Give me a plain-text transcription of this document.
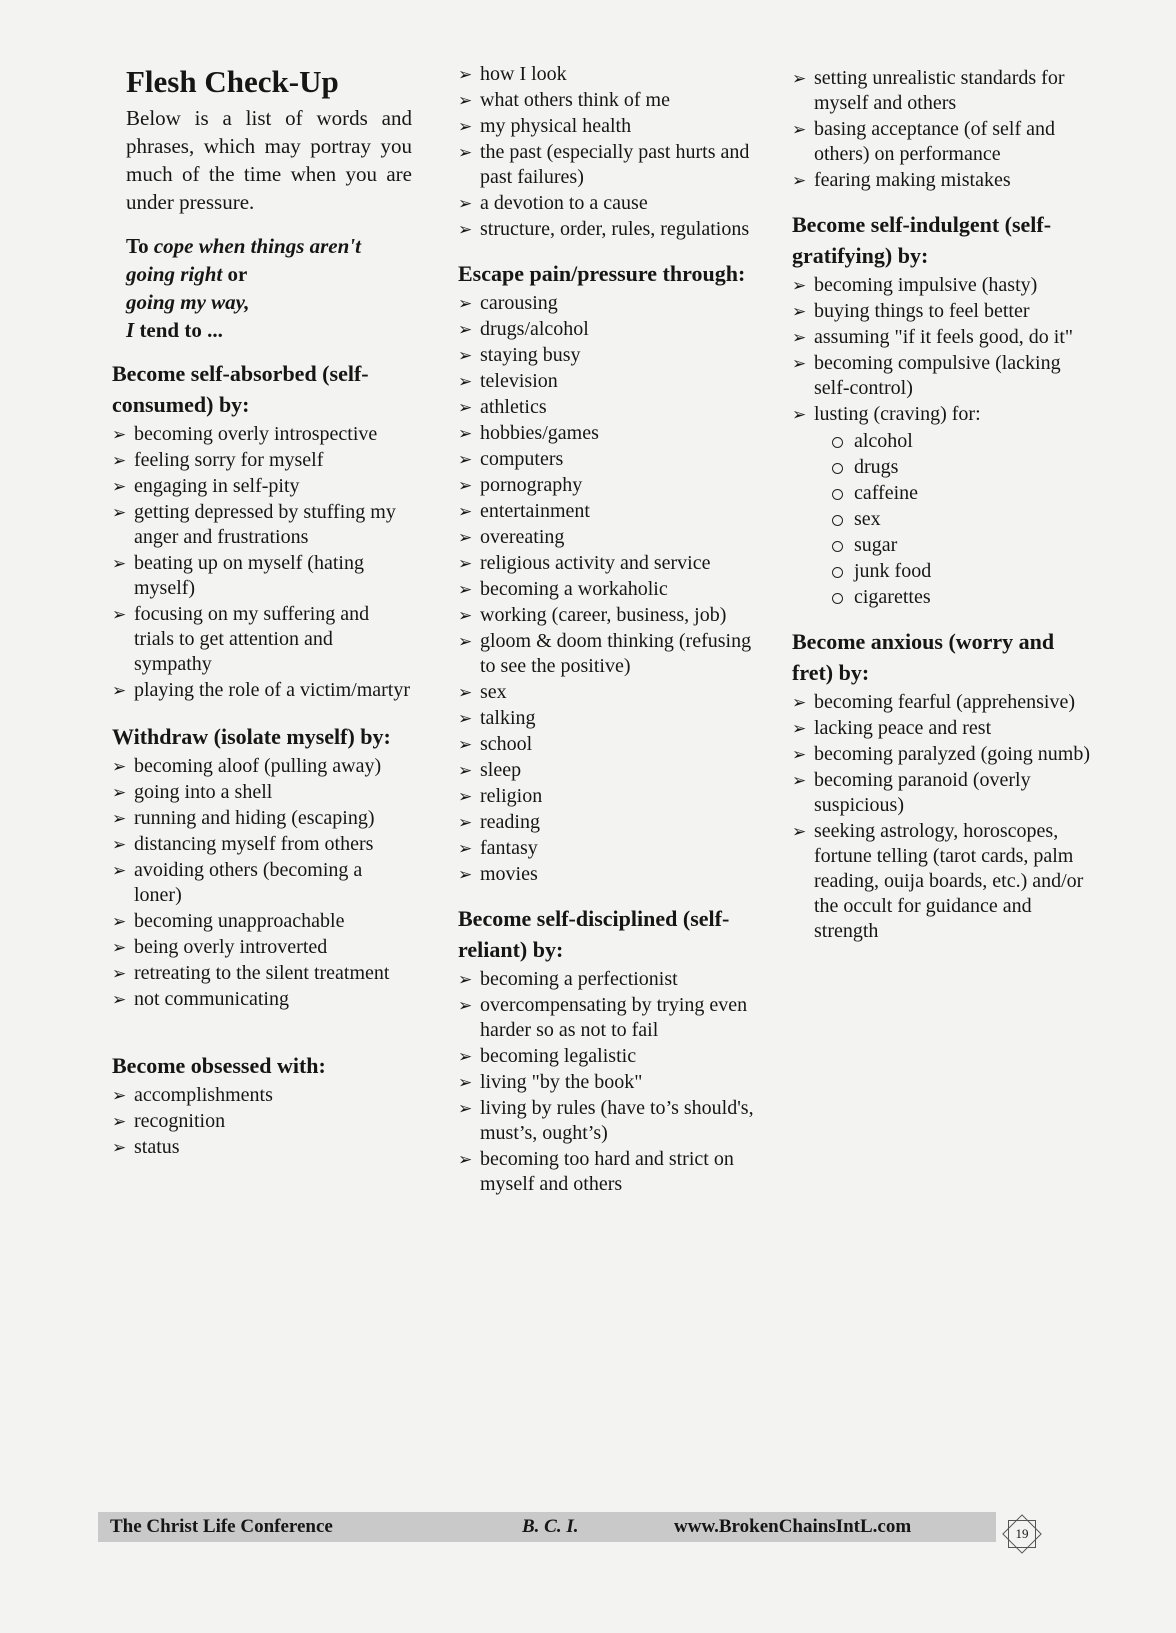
Flesh Check-Up
Below is a list of words and phrases, which may portray you much of the time when you are under pressure.
To cope when things aren't going right or
going my way,
I tend to ...
Become self-absorbed (self-consumed) by:
➢ becoming overly introspective
➢ feeling sorry for myself
➢ engaging in self-pity
➢ getting depressed by stuffing my anger and frustrations
➢ beating up on myself (hating myself)
➢ focusing on my suffering and trials to get attention and sympathy
➢ playing the role of a victim/martyr
Withdraw (isolate myself) by:
➢ becoming aloof (pulling away)
➢ going into a shell
➢ running and hiding (escaping)
➢ distancing myself from others
➢ avoiding others (becoming a loner)
➢ becoming unapproachable
➢ being overly introverted
➢ retreating to the silent treatment
➢ not communicating
Become obsessed with:
➢ accomplishments
➢ recognition
➢ status
➢ how I look
➢ what others think of me
➢ my physical health
➢ the past (especially past hurts and past failures)
➢ a devotion to a cause
➢ structure, order, rules, regulations
Escape pain/pressure through:
➢ carousing
➢ drugs/alcohol
➢ staying busy
➢ television
➢ athletics
➢ hobbies/games
➢ computers
➢ pornography
➢ entertainment
➢ overeating
➢ religious activity and service
➢ becoming a workaholic
➢ working (career, business, job)
➢ gloom & doom thinking (refusing to see the positive)
➢ sex
➢ talking
➢ school
➢ sleep
➢ religion
➢ reading
➢ fantasy
➢ movies
Become self-disciplined (self-reliant) by:
➢ becoming a perfectionist
➢ overcompensating by trying even harder so as not to fail
➢ becoming legalistic
➢ living "by the book"
➢ living by rules (have to’s should's, must’s, ought’s)
➢ becoming too hard and strict on myself and others
➢ setting unrealistic standards for myself and others
➢ basing acceptance (of self and others) on performance
➢ fearing making mistakes
Become self-indulgent (self-gratifying) by:
➢ becoming impulsive (hasty)
➢ buying things to feel better
➢ assuming "if it feels good, do it"
➢ becoming compulsive (lacking self-control)
➢ lusting (craving) for:
alcohol
drugs
caffeine
sex
sugar
junk food
cigarettes
Become anxious (worry and fret) by:
➢ becoming fearful (apprehensive)
➢ lacking peace and rest
➢ becoming paralyzed (going numb)
➢ becoming paranoid (overly suspicious)
➢ seeking astrology, horoscopes, fortune telling (tarot cards, palm reading, ouija boards, etc.) and/or the occult for guidance and strength
The Christ Life Conference	B. C. I.	www.BrokenChainsIntL.com	19
